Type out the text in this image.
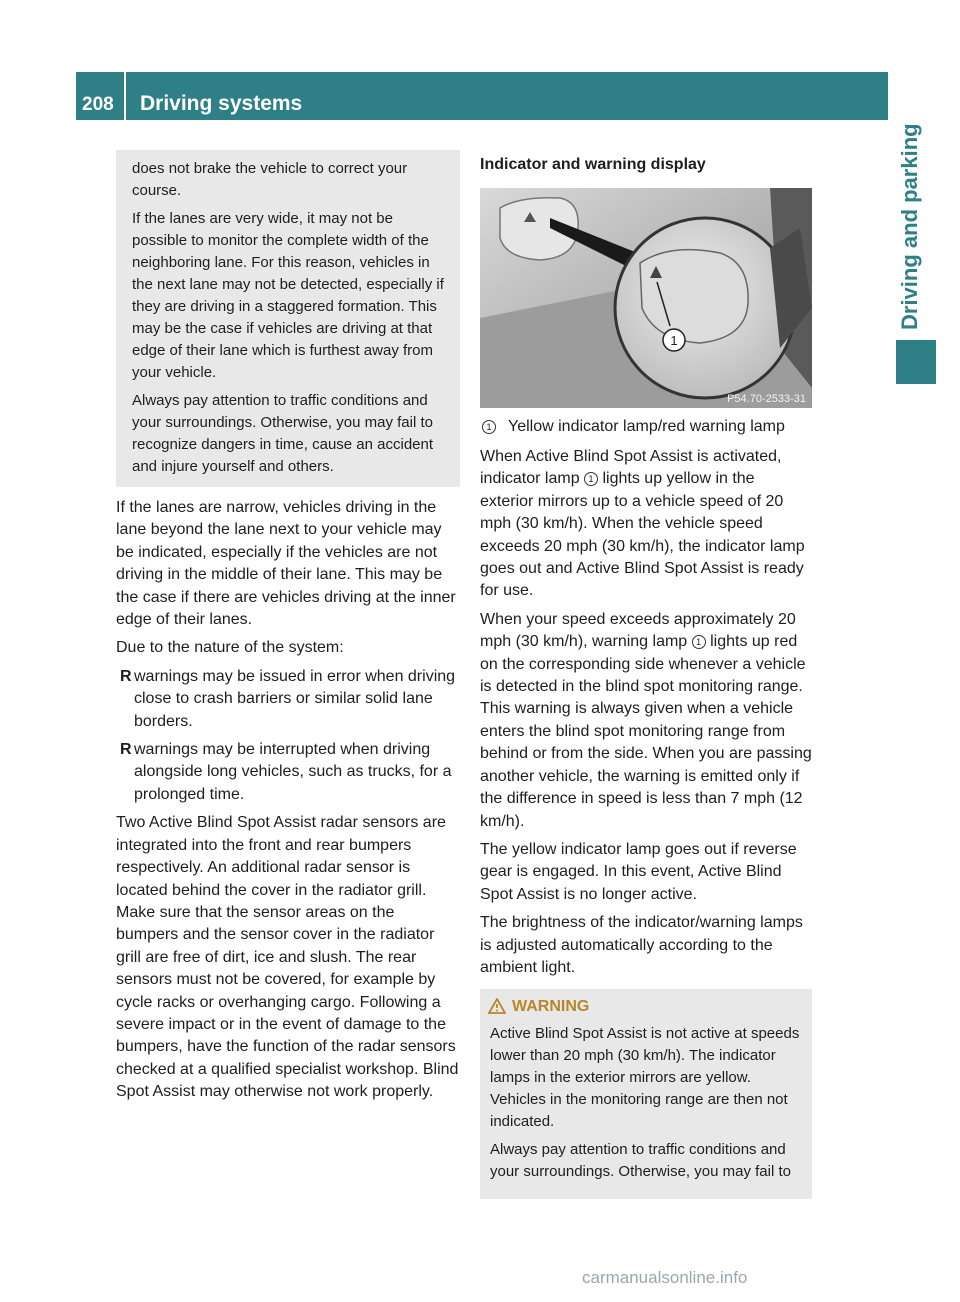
208	Driving systems
Driving and parking

does not brake the vehicle to correct your course.

If the lanes are very wide, it may not be possible to monitor the complete width of the neighboring lane. For this reason, vehicles in the next lane may not be detected, especially if they are driving in a staggered formation. This may be the case if vehicles are driving at that edge of their lane which is furthest away from your vehicle.

Always pay attention to traffic conditions and your surroundings. Otherwise, you may fail to recognize dangers in time, cause an accident and injure yourself and others.

If the lanes are narrow, vehicles driving in the lane beyond the lane next to your vehicle may be indicated, especially if the vehicles are not driving in the middle of their lane. This may be the case if there are vehicles driving at the inner edge of their lanes.

Due to the nature of the system:

R warnings may be issued in error when driving close to crash barriers or similar solid lane borders.
R warnings may be interrupted when driving alongside long vehicles, such as trucks, for a prolonged time.

Two Active Blind Spot Assist radar sensors are integrated into the front and rear bumpers respectively. An additional radar sensor is located behind the cover in the radiator grill. Make sure that the sensor areas on the bumpers and the sensor cover in the radiator grill are free of dirt, ice and slush. The rear sensors must not be covered, for example by cycle racks or overhanging cargo. Following a severe impact or in the event of damage to the bumpers, have the function of the radar sensors checked at a qualified specialist workshop. Blind Spot Assist may otherwise not work properly.

Indicator and warning display
1
P54.70-2533-31
1 Yellow indicator lamp/red warning lamp

When Active Blind Spot Assist is activated, indicator lamp 1 lights up yellow in the exterior mirrors up to a vehicle speed of 20 mph (30 km/h). When the vehicle speed exceeds 20 mph (30 km/h), the indicator lamp goes out and Active Blind Spot Assist is ready for use.

When your speed exceeds approximately 20 mph (30 km/h), warning lamp 1 lights up red on the corresponding side whenever a vehicle is detected in the blind spot monitoring range. This warning is always given when a vehicle enters the blind spot monitoring range from behind or from the side. When you are passing another vehicle, the warning is emitted only if the difference in speed is less than 7 mph (12 km/h).

The yellow indicator lamp goes out if reverse gear is engaged. In this event, Active Blind Spot Assist is no longer active.

The brightness of the indicator/warning lamps is adjusted automatically according to the ambient light.

WARNING

Active Blind Spot Assist is not active at speeds lower than 20 mph (30 km/h). The indicator lamps in the exterior mirrors are yellow. Vehicles in the monitoring range are then not indicated.

Always pay attention to traffic conditions and your surroundings. Otherwise, you may fail to

carmanualsonline.info
